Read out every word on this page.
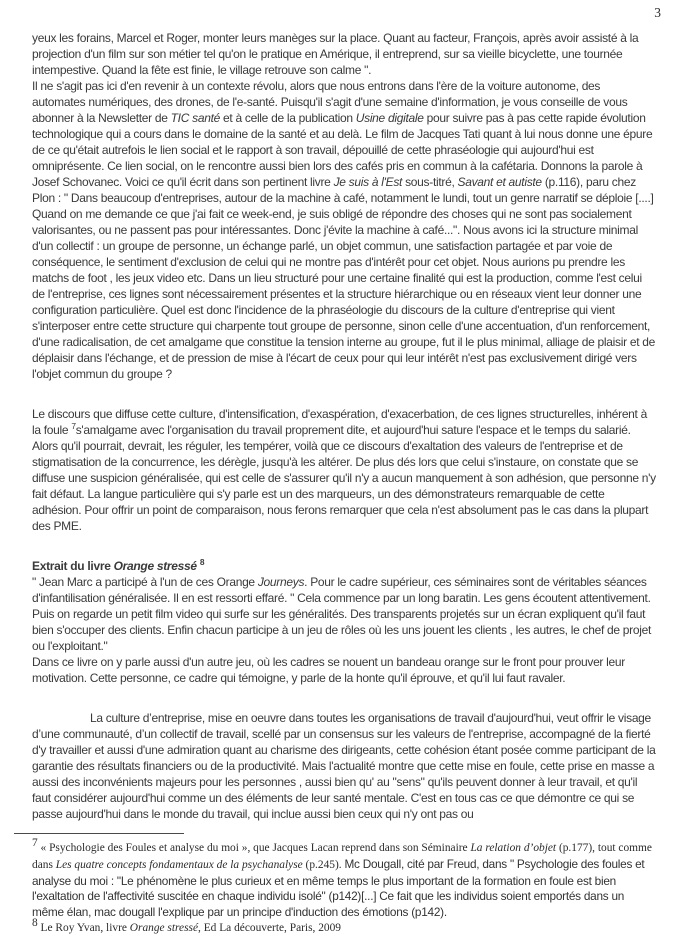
3

yeux les forains, Marcel et Roger, monter leurs manèges sur la place. Quant au facteur, François, après avoir assisté à la projection d'un film sur son métier tel qu'on le pratique en Amérique, il entreprend, sur sa vieille bicyclette, une tournée intempestive. Quand la fête est finie, le village retrouve son calme ".

Il ne s'agit pas ici d'en revenir à un contexte révolu, alors que nous entrons dans l'ère de la voiture autonome, des automates numériques, des drones, de l'e-santé. Puisqu'il s'agit d'une semaine d'information, je vous conseille de vous abonner à la Newsletter de TIC santé et à celle de la publication Usine digitale pour suivre pas à pas cette rapide évolution technologique qui a cours dans le domaine de la santé et au delà. Le film de Jacques Tati quant à lui nous donne une épure de ce qu'était autrefois le lien social et le rapport à son travail, dépouillé de cette phraséologie qui aujourd'hui est omniprésente. Ce lien social, on le rencontre aussi bien lors des cafés pris en commun à la cafétaria. Donnons la parole à Josef Schovanec. Voici ce qu'il écrit dans son pertinent livre Je suis à l'Est sous-titré, Savant et autiste (p.116), paru chez Plon : " Dans beaucoup d'entreprises, autour de la machine à café, notamment le lundi, tout un genre narratif se déploie [....] Quand on me demande ce que j'ai fait ce week-end, je suis obligé de répondre des choses qui ne sont pas socialement valorisantes, ou ne passent pas pour intéressantes. Donc j'évite la machine à café...". Nous avons ici la structure minimal d'un collectif : un groupe de personne, un échange parlé, un objet commun, une satisfaction partagée et par voie de conséquence, le sentiment d'exclusion de celui qui ne montre pas d'intérêt pour cet objet. Nous aurions pu prendre les matchs de foot , les jeux video etc. Dans un lieu structuré pour une certaine finalité qui est la production, comme l'est celui de l'entreprise, ces lignes sont nécessairement présentes et la structure hiérarchique ou en réseaux vient leur donner une configuration particulière. Quel est donc l'incidence de la phraséologie du discours de la culture d'entreprise qui vient s'interposer entre cette structure qui charpente tout groupe de personne, sinon celle d'une accentuation, d'un renforcement, d'une radicalisation, de cet amalgame que constitue la tension interne au groupe, fut il le plus minimal, alliage de plaisir et de déplaisir dans l'échange, et de pression de mise à l'écart de ceux pour qui leur intérêt n'est pas exclusivement dirigé vers l'objet commun du groupe ?

Le discours que diffuse cette culture, d'intensification, d'exaspération, d'exacerbation, de ces lignes structurelles, inhérent à la foule $^7$s'amalgame avec l'organisation du travail proprement dite, et aujourd'hui sature l'espace et le temps du salarié. Alors qu'il pourrait, devrait, les réguler, les tempérer, voilà que ce discours d'exaltation des valeurs de l'entreprise et de stigmatisation de la concurrence, les dérègle, jusqu'à les altérer. De plus dés lors que celui s'instaure, on constate que se diffuse une suspicion généralisée, qui est celle de s'assurer qu'il n'y a aucun manquement à son adhésion, que personne n'y fait défaut. La langue particulière qui s'y parle est un des marqueurs, un des démonstrateurs remarquable de cette adhésion. Pour offrir un point de comparaison, nous ferons remarquer que cela n'est absolument pas le cas dans la plupart des PME.

Extrait du livre Orange stressé $^8$

" Jean Marc a participé à l'un de ces Orange Journeys. Pour le cadre supérieur, ces séminaires sont de véritables séances d'infantilisation généralisée. Il en est ressorti effaré. " Cela commence par un long baratin. Les gens écoutent attentivement. Puis on regarde un petit film video qui surfe sur les généralités. Des transparents projetés sur un écran expliquent qu'il faut bien s'occuper des clients. Enfin chacun participe à un jeu de rôles où les uns jouent les clients , les autres, le chef de projet ou l'exploitant."

Dans ce livre on y parle aussi d'un autre jeu, où les cadres se nouent un bandeau orange sur le front pour prouver leur motivation. Cette personne, ce cadre qui témoigne, y parle de la honte qu'il éprouve, et qu'il lui faut ravaler.

La culture d’entreprise, mise en oeuvre dans toutes les organisations de travail d'aujourd'hui, veut offrir le visage d’une communauté, d’un collectif de travail, scellé par un consensus sur les valeurs de l'entreprise, accompagné de la fierté d'y travailler et aussi d'une admiration quant au charisme des dirigeants, cette cohésion étant posée comme participant de la garantie des résultats financiers ou de la productivité. Mais l'actualité montre que cette mise en foule, cette prise en masse a aussi des inconvénients majeurs pour les personnes , aussi bien qu' au "sens" qu'ils peuvent donner à leur travail, et qu'il faut considérer aujourd'hui comme un des éléments de leur santé mentale. C'est en tous cas ce que démontre ce qui se passe aujourd'hui dans le monde du travail, qui inclue aussi bien ceux qui n'y ont pas ou

$^7$ « Psychologie des Foules et analyse du moi », que Jacques Lacan reprend dans son Séminaire La relation d’objet (p.177), tout comme dans Les quatre concepts fondamentaux de la psychanalyse (p.245). Mc Dougall, cité par Freud, dans " Psychologie des foules et analyse du moi : "Le phénomène le plus curieux et en même temps le plus important de la formation en foule est bien l'exaltation de l'affectivité suscitée en chaque individu isolé" (p142)[...] Ce fait que les individus soient emportés dans un même élan, mac dougall l'explique par un principe d'induction des émotions (p142).

$^8$ Le Roy Yvan, livre Orange stressé, Ed La découverte, Paris, 2009
